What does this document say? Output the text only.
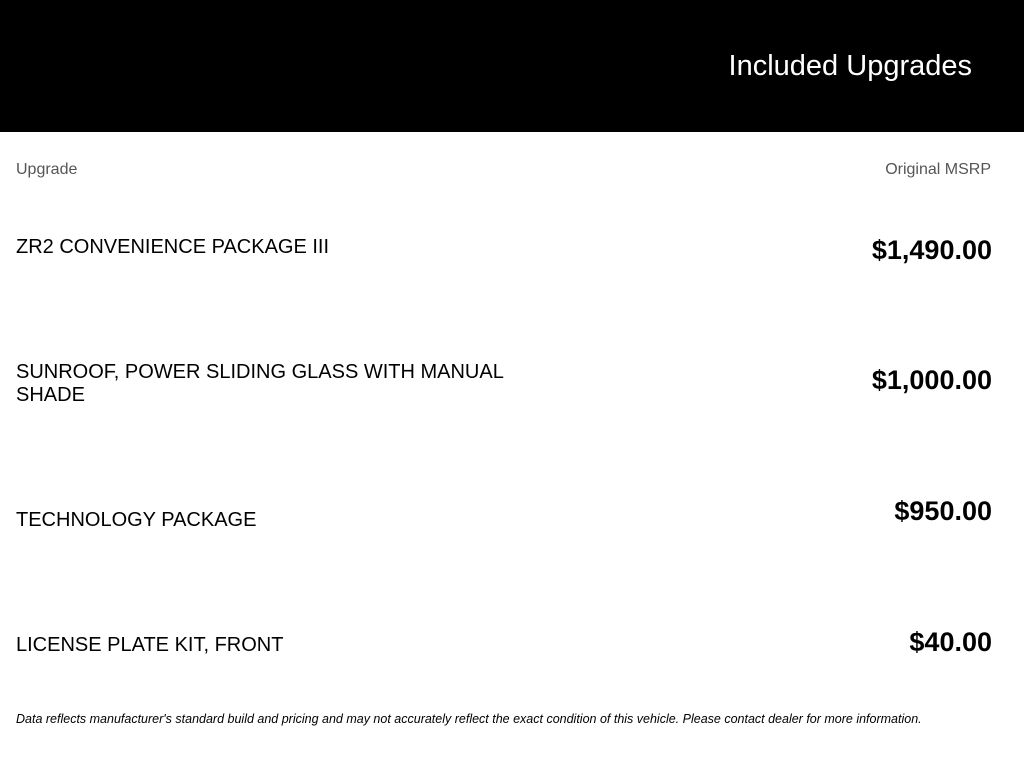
Included Upgrades
Upgrade	Original MSRP
ZR2 CONVENIENCE PACKAGE III	$1,490.00
SUNROOF, POWER SLIDING GLASS WITH MANUAL SHADE	$1,000.00
TECHNOLOGY PACKAGE	$950.00
LICENSE PLATE KIT, FRONT	$40.00
Data reflects manufacturer's standard build and pricing and may not accurately reflect the exact condition of this vehicle. Please contact dealer for more information.
